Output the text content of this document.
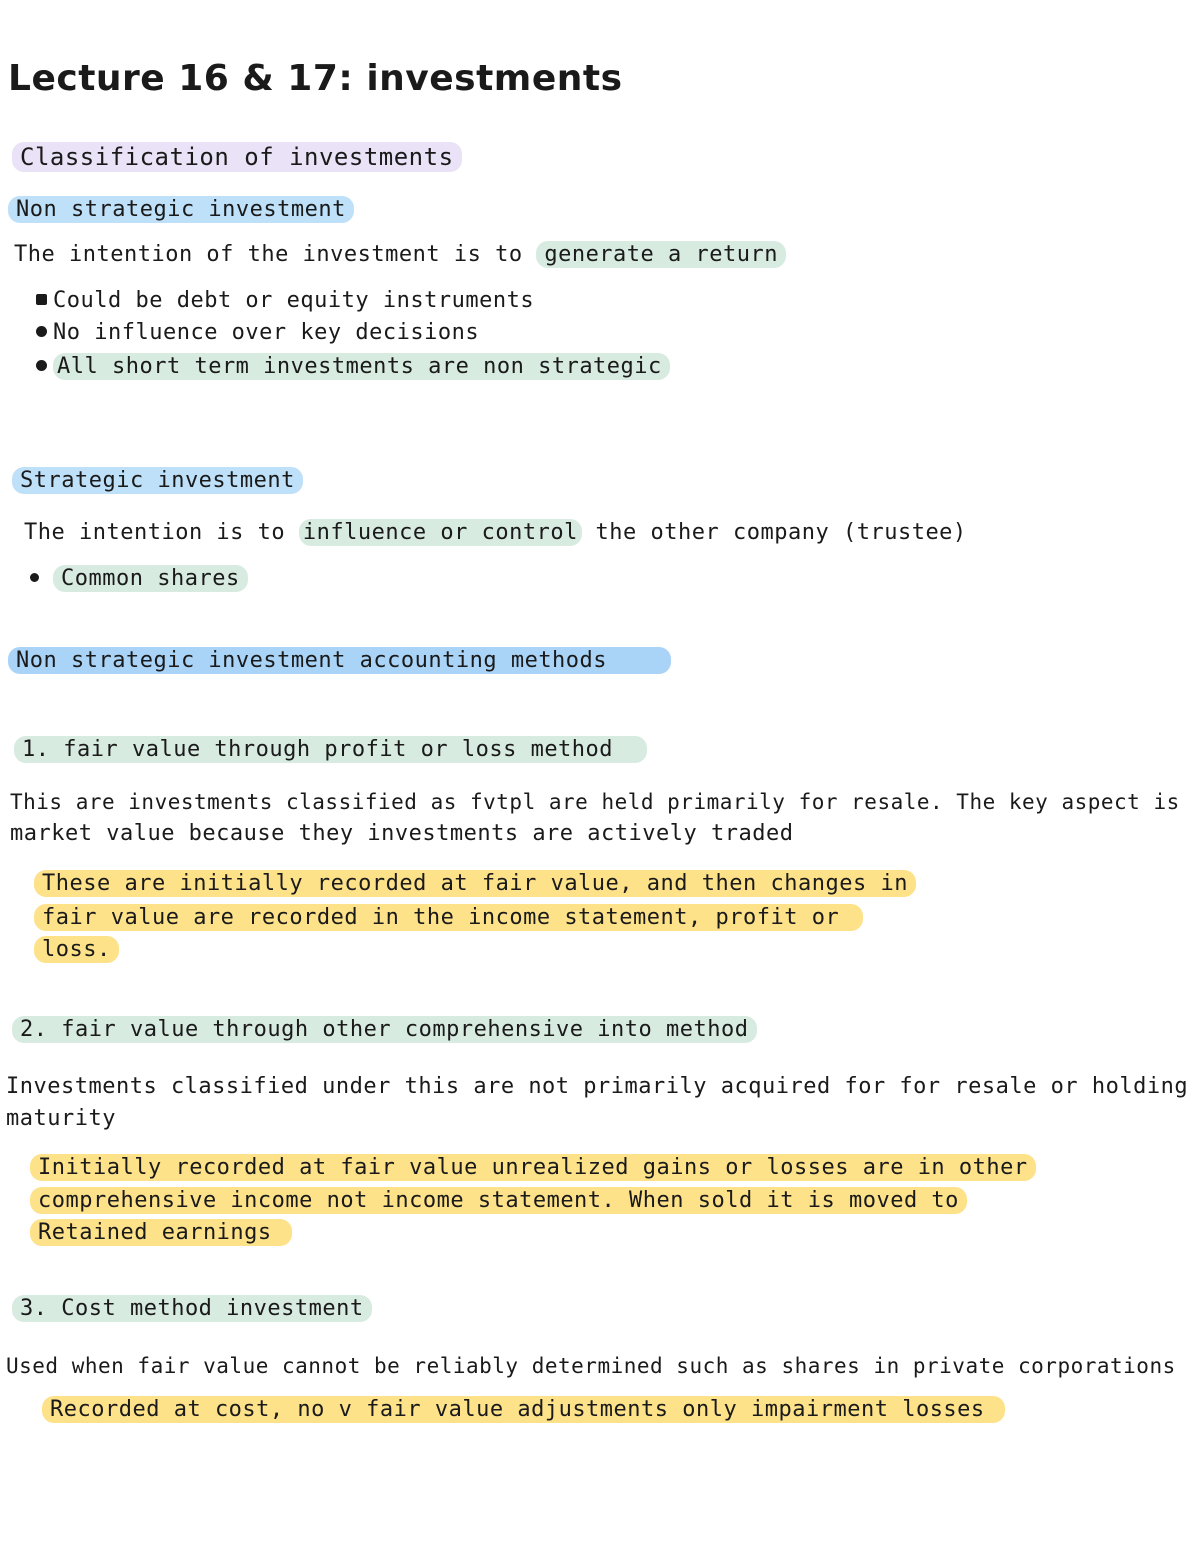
Lecture 16 & 17: investments
Classification of investments
Non strategic investment
The intention of the investment is to generate a return
Could be debt or equity instruments
No influence over key decisions
All short term investments are non strategic
Strategic investment
The intention is to influence or control the other company (trustee)
Common shares
Non strategic investment accounting methods
1. fair value through profit or loss method
This are investments classified as fvtpl are held primarily for resale. The key aspect is
market value because they investments are actively traded
These are initially recorded at fair value, and then changes in
fair value are recorded in the income statement, profit or
loss.
2. fair value through other comprehensive into method
Investments classified under this are not primarily acquired for for resale or holding
maturity
Initially recorded at fair value unrealized gains or losses are in other
comprehensive income not income statement. When sold it is moved to
Retained earnings
3. Cost method investment
Used when fair value cannot be reliably determined such as shares in private corporations
Recorded at cost, no v fair value adjustments only impairment losses
